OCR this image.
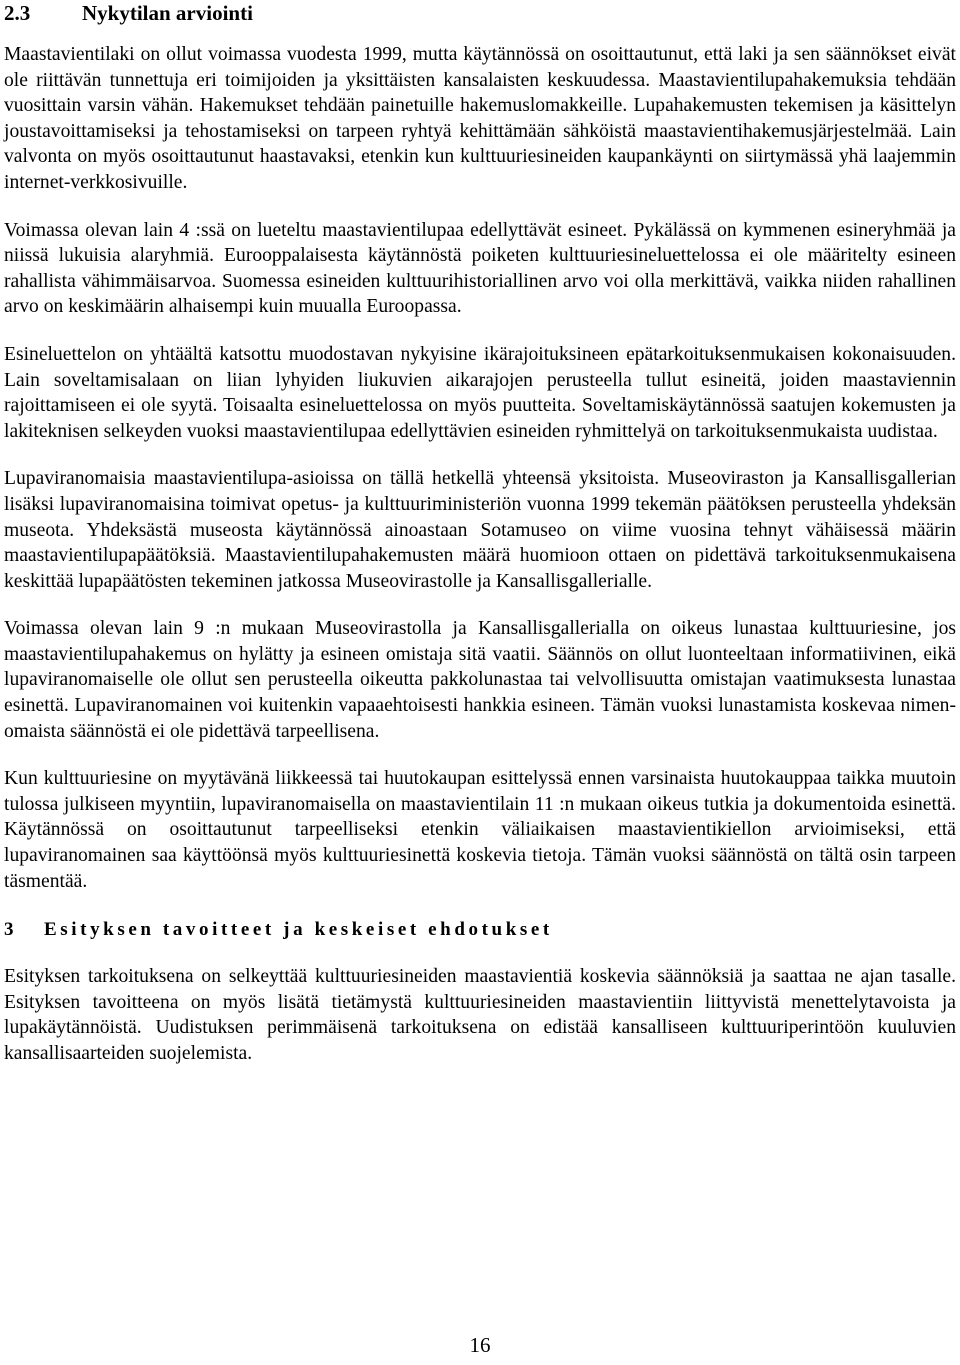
2.3	Nykytilan arviointi

Maastavientilaki on ollut voimassa vuodesta 1999, mutta käytännössä on osoittautunut, että laki ja sen säännökset eivät ole riittävän tunnettuja eri toimijoiden ja yksittäisten kansalaisten keskuudessa. Maastavientilupahakemuksia tehdään vuosittain varsin vähän. Hakemukset tehdään painetuille hakemuslomakkeille. Lupahakemusten tekemisen ja käsittelyn joustavoittamiseksi ja tehostamiseksi on tarpeen ryhtyä kehittämään sähköistä maastavientihakemusjärjestelmää. Lain valvonta on myös osoittautunut haastavaksi, etenkin kun kulttuuriesineiden kaupankäynti on siirtymässä yhä laajemmin internet-verkkosivuille.

Voimassa olevan lain 4 :ssä on lueteltu maastavientilupaa edellyttävät esineet. Pykälässä on kymmenen esineryhmää ja niissä lukuisia alaryhmiä. Eurooppalaisesta käytännöstä poiketen kulttuuriesineluettelossa ei ole määritelty esineen rahallista vähimmäisarvoa. Suomessa esineiden kulttuurihistoriallinen arvo voi olla merkittävä, vaikka niiden rahallinen arvo on keskimäärin alhaisempi kuin muualla Euroopassa.

Esineluettelon on yhtäältä katsottu muodostavan nykyisine ikärajoituksineen epätarkoituksenmukaisen kokonaisuuden. Lain soveltamisalaan on liian lyhyiden liukuvien aikarajojen perusteella tullut esineitä, joiden maastaviennin rajoittamiseen ei ole syytä. Toisaalta esineluettelossa on myös puutteita. Soveltamiskäytännössä saatujen kokemusten ja lakiteknisen selkeyden vuoksi maastavientilupaa edellyttävien esineiden ryhmittelyä on tarkoituksenmukaista uudistaa.

Lupaviranomaisia maastavientilupa-asioissa on tällä hetkellä yhteensä yksitoista. Museoviraston ja Kansallisgallerian lisäksi lupaviranomaisina toimivat opetus- ja kulttuuriministeriön vuonna 1999 tekemän päätöksen perusteella yhdeksän museota. Yhdeksästä museosta käytännössä ainoastaan Sotamuseo on viime vuosina tehnyt vähäisessä määrin maastavientilupapäätöksiä. Maastavientilupahakemusten määrä huomioon ottaen on pidettävä tarkoituksenmukaisena keskittää lupapäätösten tekeminen jatkossa Museovirastolle ja Kansallisgallerialle.

Voimassa olevan lain 9 :n mukaan Museovirastolla ja Kansallisgallerialla on oikeus lunastaa kulttuuriesine, jos maastavientilupahakemus on hylätty ja esineen omistaja sitä vaatii. Säännös on ollut luonteeltaan informatiivinen, eikä lupaviranomaiselle ole ollut sen perusteella oikeutta pakkolunastaa tai velvollisuutta omistajan vaatimuksesta lunastaa esinettä. Lupaviranomainen voi kuitenkin vapaaehtoisesti hankkia esineen. Tämän vuoksi lunastamista koskevaa nimenomaista säännöstä ei ole pidettävä tarpeellisena.

Kun kulttuuriesine on myytävänä liikkeessä tai huutokaupan esittelyssä ennen varsinaista huutokauppaa taikka muutoin tulossa julkiseen myyntiin, lupaviranomaisella on maastavientilain 11 :n mukaan oikeus tutkia ja dokumentoida esinettä. Käytännössä on osoittautunut tarpeelliseksi etenkin väliaikaisen maastavientikiellon arvioimiseksi, että lupaviranomainen saa käyttöönsä myös kulttuuriesinettä koskevia tietoja. Tämän vuoksi säännöstä on tältä osin tarpeen täsmentää.

3	Esityksen tavoitteet ja keskeiset ehdotukset

Esityksen tarkoituksena on selkeyttää kulttuuriesineiden maastavientiä koskevia säännöksiä ja saattaa ne ajan tasalle. Esityksen tavoitteena on myös lisätä tietämystä kulttuuriesineiden maastavientiin liittyvistä menettelytavoista ja lupakäytännöistä. Uudistuksen perimmäisenä tarkoituksena on edistää kansalliseen kulttuuriperintöön kuuluvien kansallisaarteiden suojelemista.

16
